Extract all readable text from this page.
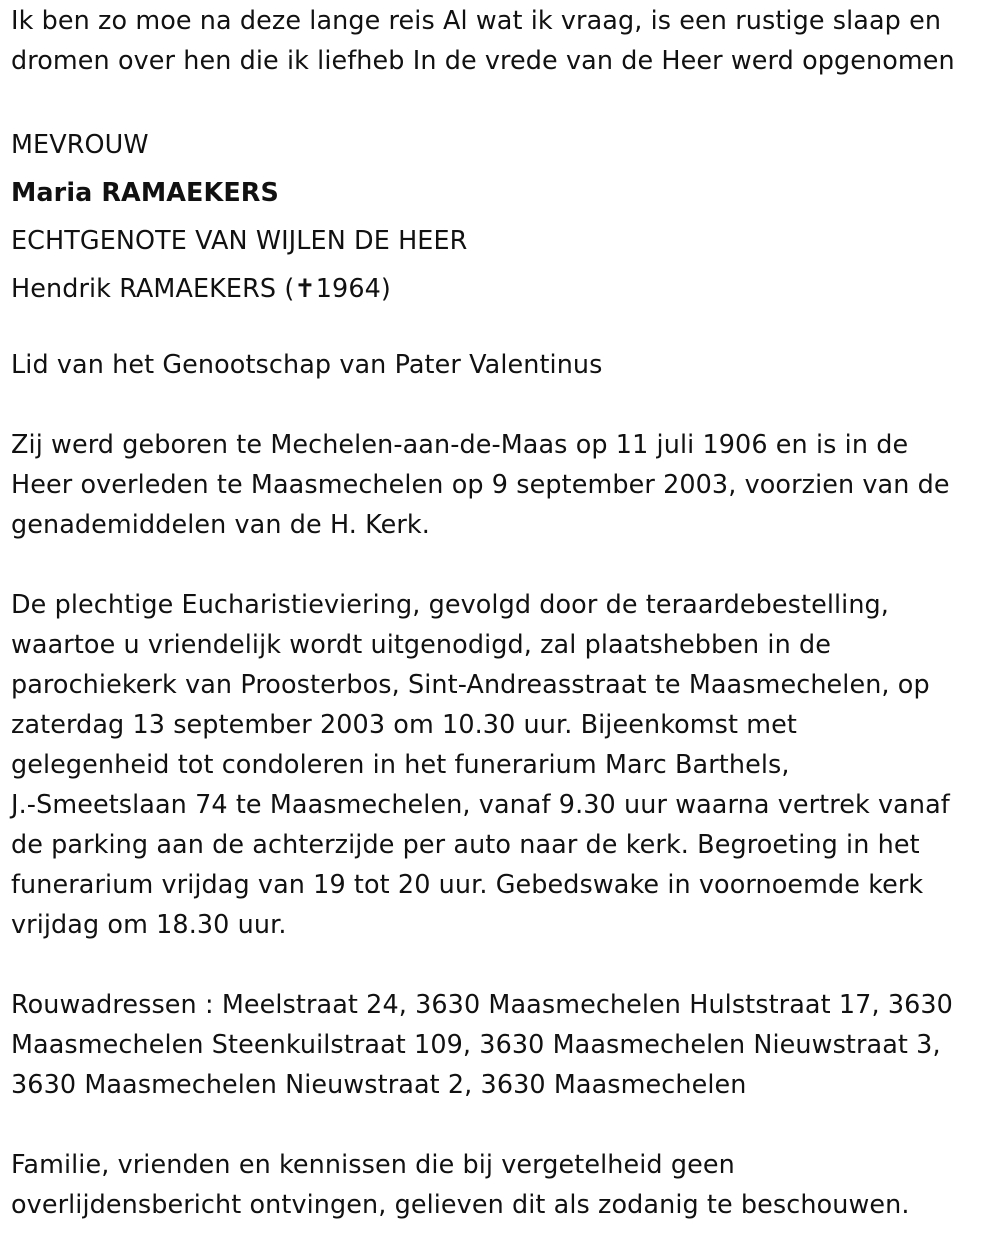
Ik ben zo moe na deze lange reis Al wat ik vraag, is een rustige slaap en
dromen over hen die ik liefheb In de vrede van de Heer werd opgenomen
MEVROUW
Maria RAMAEKERS
ECHTGENOTE VAN WIJLEN DE HEER
Hendrik RAMAEKERS (✝1964)
Lid van het Genootschap van Pater Valentinus
Zij werd geboren te Mechelen-aan-de-Maas op 11 juli 1906 en is in de
Heer overleden te Maasmechelen op 9 september 2003, voorzien van de
genademiddelen van de H. Kerk.
De plechtige Eucharistieviering, gevolgd door de teraardebestelling,
waartoe u vriendelijk wordt uitgenodigd, zal plaatshebben in de
parochiekerk van Proosterbos, Sint-Andreasstraat te Maasmechelen, op
zaterdag 13 september 2003 om 10.30 uur. Bijeenkomst met
gelegenheid tot condoleren in het funerarium Marc Barthels,
J.-Smeetslaan 74 te Maasmechelen, vanaf 9.30 uur waarna vertrek vanaf
de parking aan de achterzijde per auto naar de kerk. Begroeting in het
funerarium vrijdag van 19 tot 20 uur. Gebedswake in voornoemde kerk
vrijdag om 18.30 uur.
Rouwadressen : Meelstraat 24, 3630 Maasmechelen Hulststraat 17, 3630
Maasmechelen Steenkuilstraat 109, 3630 Maasmechelen Nieuwstraat 3,
3630 Maasmechelen Nieuwstraat 2, 3630 Maasmechelen
Familie, vrienden en kennissen die bij vergetelheid geen
overlijdensbericht ontvingen, gelieven dit als zodanig te beschouwen.
